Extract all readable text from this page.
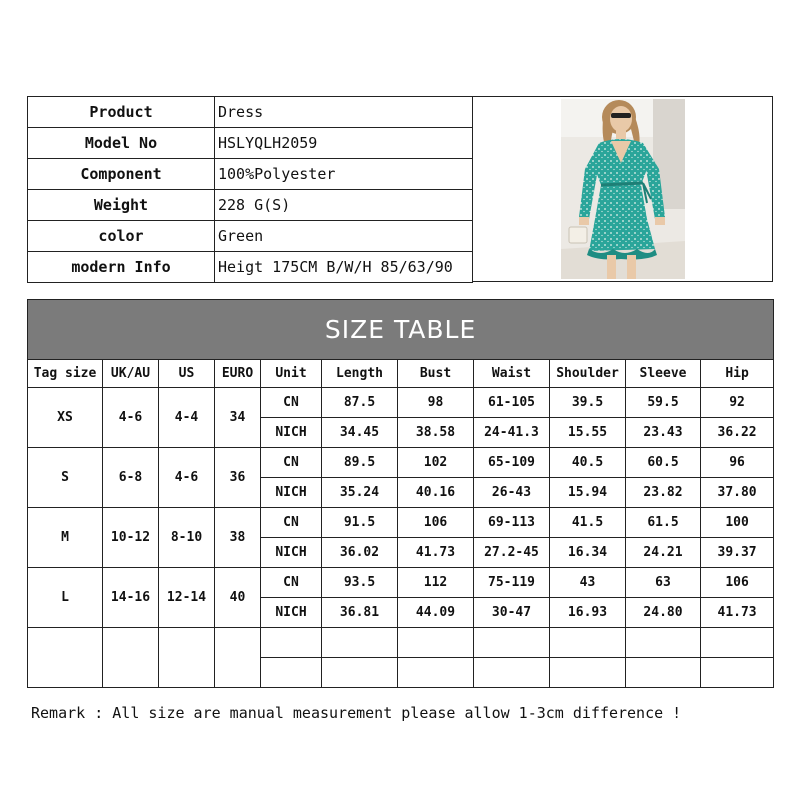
Product	Dress
Model No	HSLYQLH2059
Component	100%Polyester
Weight	228 G(S)
color	Green
modern Info	Heigt 175CM B/W/H 85/63/90
SIZE TABLE										
Tag size	UK/AU	US	EURO	Unit	Length	Bust	Waist	Shoulder	Sleeve	Hip
XS	4-6	4-4	34	CN	87.5	98	61-105	39.5	59.5	92
				NICH	34.45	38.58	24-41.3	15.55	23.43	36.22
S	6-8	4-6	36	CN	89.5	102	65-109	40.5	60.5	96
				NICH	35.24	40.16	26-43	15.94	23.82	37.80
M	10-12	8-10	38	CN	91.5	106	69-113	41.5	61.5	100
				NICH	36.02	41.73	27.2-45	16.34	24.21	39.37
L	14-16	12-14	40	CN	93.5	112	75-119	43	63	106
				NICH	36.81	44.09	30-47	16.93	24.80	41.73

Remark : All size are manual measurement please allow 1-3cm difference !
